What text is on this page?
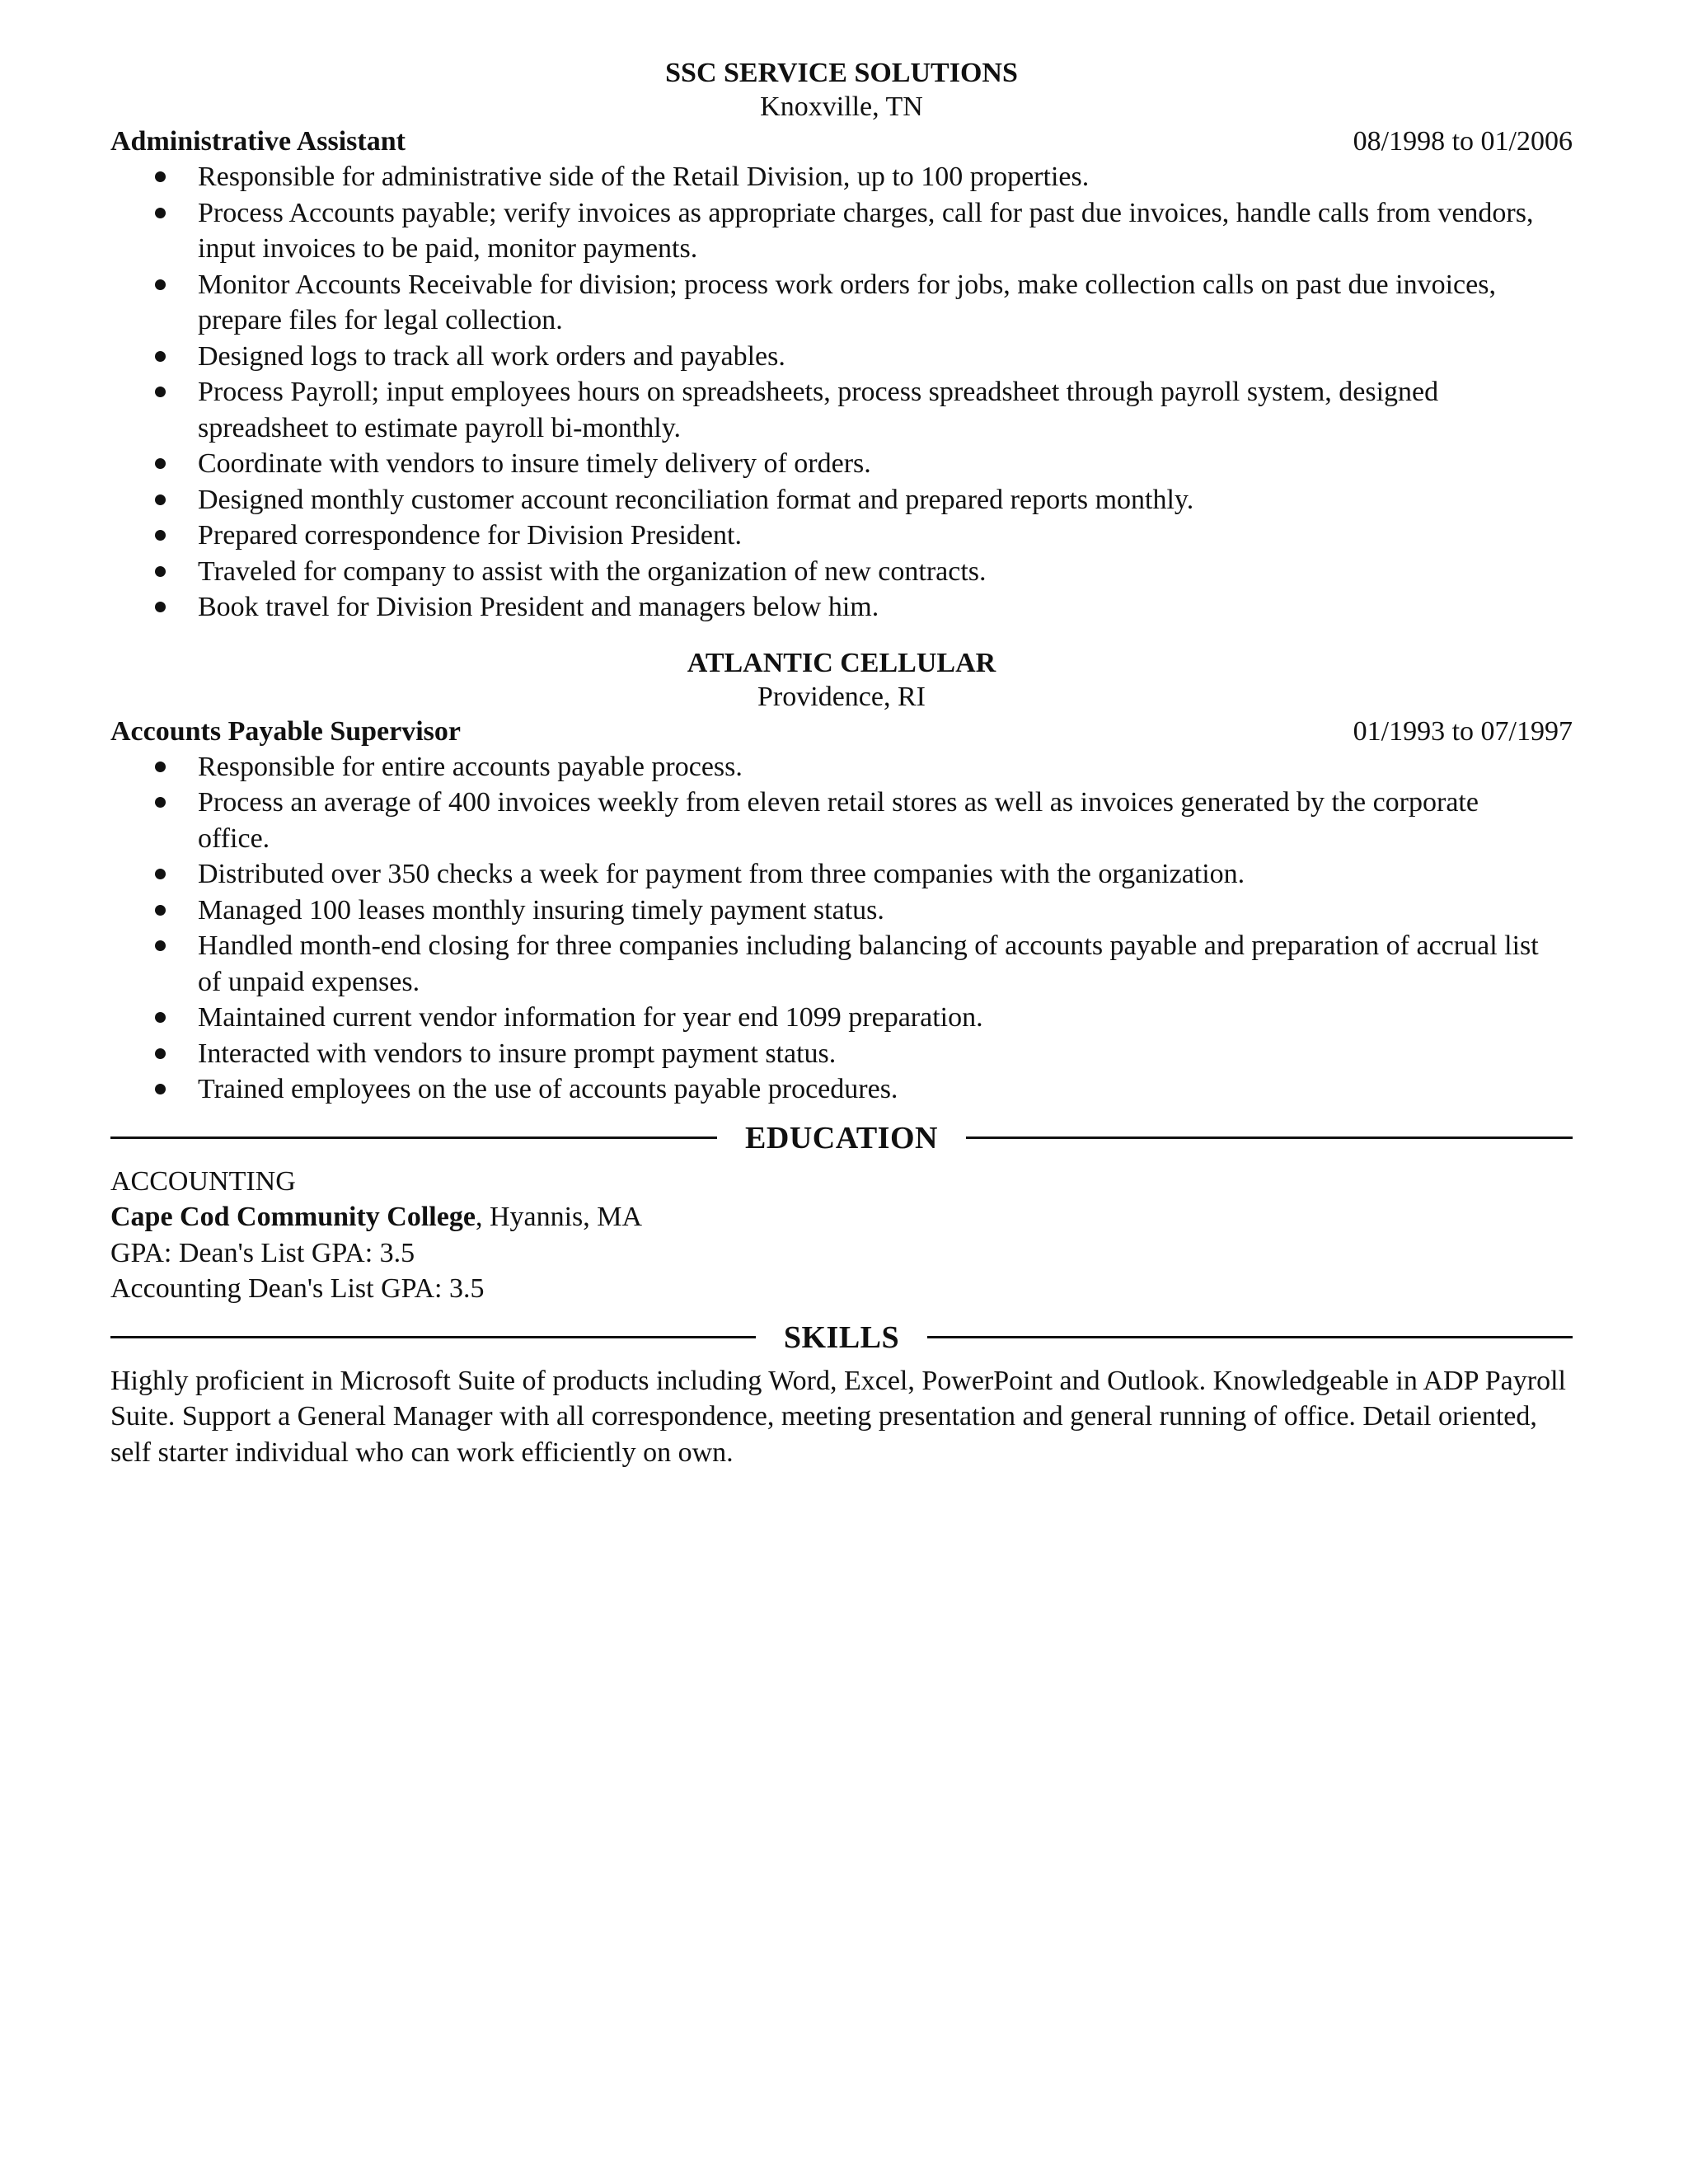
SSC SERVICE SOLUTIONS
Knoxville, TN
Administrative Assistant	08/1998 to 01/2006
Responsible for administrative side of the Retail Division, up to 100 properties.
Process Accounts payable; verify invoices as appropriate charges, call for past due invoices, handle calls from vendors, input invoices to be paid, monitor payments.
Monitor Accounts Receivable for division; process work orders for jobs, make collection calls on past due invoices, prepare files for legal collection.
Designed logs to track all work orders and payables.
Process Payroll; input employees hours on spreadsheets, process spreadsheet through payroll system, designed spreadsheet to estimate payroll bi-monthly.
Coordinate with vendors to insure timely delivery of orders.
Designed monthly customer account reconciliation format and prepared reports monthly.
Prepared correspondence for Division President.
Traveled for company to assist with the organization of new contracts.
Book travel for Division President and managers below him.
ATLANTIC CELLULAR
Providence, RI
Accounts Payable Supervisor	01/1993 to 07/1997
Responsible for entire accounts payable process.
Process an average of 400 invoices weekly from eleven retail stores as well as invoices generated by the corporate office.
Distributed over 350 checks a week for payment from three companies with the organization.
Managed 100 leases monthly insuring timely payment status.
Handled month-end closing for three companies including balancing of accounts payable and preparation of accrual list of unpaid expenses.
Maintained current vendor information for year end 1099 preparation.
Interacted with vendors to insure prompt payment status.
Trained employees on the use of accounts payable procedures.
EDUCATION
ACCOUNTING
Cape Cod Community College, Hyannis, MA
GPA: Dean's List GPA: 3.5
Accounting Dean's List GPA: 3.5
SKILLS
Highly proficient in Microsoft Suite of products including Word, Excel, PowerPoint and Outlook. Knowledgeable in ADP Payroll Suite. Support a General Manager with all correspondence, meeting presentation and general running of office. Detail oriented, self starter individual who can work efficiently on own.
